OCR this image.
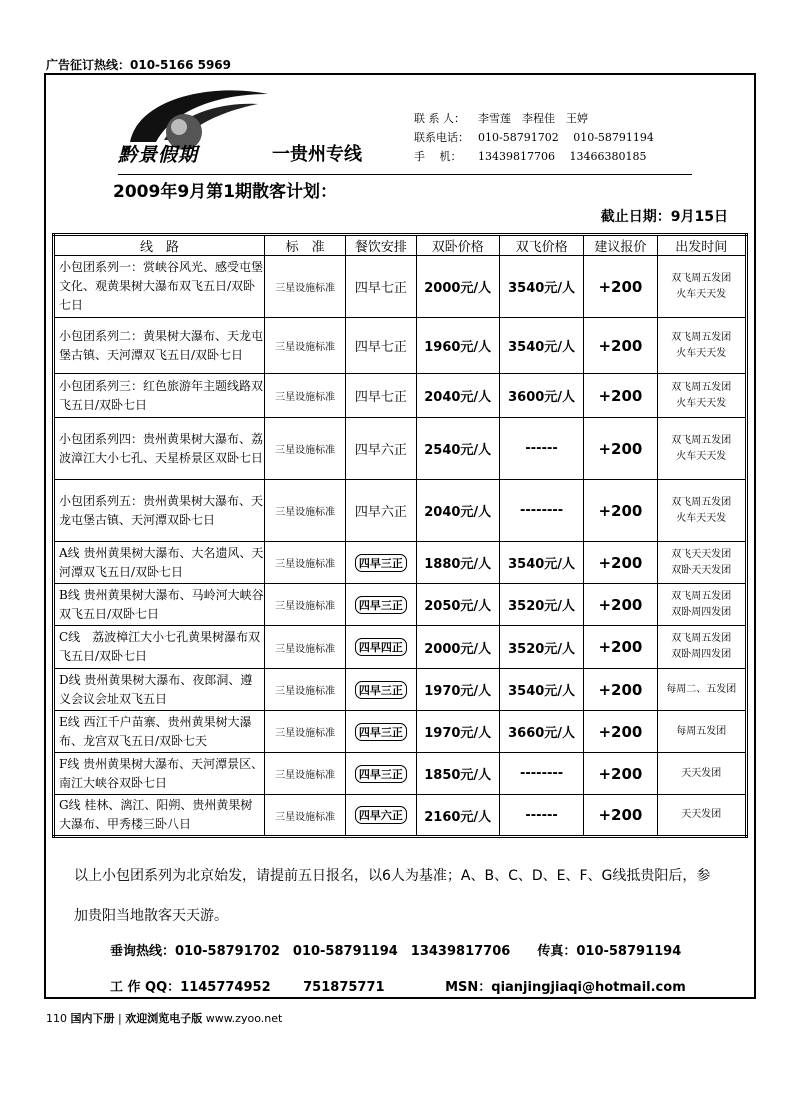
广告征订热线：010-5166 5969
黔景假期	一贵州专线
联 系 人： 李雪莲　李程佳　王婷
联系电话： 010-58791702　 010-58791194
手　 机： 13439817706　 13466380185
2009年9月第1期散客计划：
截止日期：9月15日
线　路	标　准	餐饮安排	双卧价格	双飞价格	建议报价	出发时间
小包团系列一：赏峡谷风光、感受屯堡文化、观黄果树大瀑布双飞五日/双卧七日	三星设施标准	四早七正	2000元/人	3540元/人	+200	双飞周五发团
火车天天发

小包团系列二：黄果树大瀑布、天龙屯堡古镇、天河潭双飞五日/双卧七日	三星设施标准	四早七正	1960元/人	3540元/人	+200	双飞周五发团
火车天天发

小包团系列三：红色旅游年主题线路双飞五日/双卧七日	三星设施标准	四早七正	2040元/人	3600元/人	+200	双飞周五发团
火车天天发

小包团系列四：贵州黄果树大瀑布、荔波漳江大小七孔、天星桥景区双卧七日	三星设施标准	四早六正	2540元/人	------	+200	双飞周五发团
火车天天发

小包团系列五：贵州黄果树大瀑布、天龙屯堡古镇、天河潭双卧七日	三星设施标准	四早六正	2040元/人	--------	+200	双飞周五发团
火车天天发

A线 贵州黄果树大瀑布、大名遗风、天河潭双飞五日/双卧七日	三星设施标准	四早三正	1880元/人	3540元/人	+200	双飞天天发团
双卧天天发团

B线 贵州黄果树大瀑布、马岭河大峡谷双飞五日/双卧七日	三星设施标准	四早三正	2050元/人	3520元/人	+200	双飞周五发团
双卧周四发团

C线　荔波樟江大小七孔黄果树瀑布双飞五日/双卧七日	三星设施标准	四早四正	2000元/人	3520元/人	+200	双飞周五发团
双卧周四发团

D线 贵州黄果树大瀑布、夜郎洞、遵义会议会址双飞五日	三星设施标准	四早三正	1970元/人	3540元/人	+200	每周二、五发团

E线 西江千户苗寨、贵州黄果树大瀑布、龙宫双飞五日/双卧七天	三星设施标准	四早三正	1970元/人	3660元/人	+200	每周五发团

F线 贵州黄果树大瀑布、天河潭景区、南江大峡谷双卧七日	三星设施标准	四早三正	1850元/人	--------	+200	天天发团

G线 桂林、漓江、阳朔、贵州黄果树大瀑布、甲秀楼三卧八日	三星设施标准	四早六正	2160元/人	------	+200	天天发团
以上小包团系列为北京始发，请提前五日报名，以6人为基准；A、B、C、D、E、F、G线抵贵阳后，参加贵阳当地散客天天游。
垂询热线：010-58791702　010-58791194　13439817706 传真：010-58791194
工 作 QQ：1145774952	751875771	MSN：qianjingjiaqi@hotmail.com
110 国内下册 | 欢迎浏览电子版 www.zyoo.net
